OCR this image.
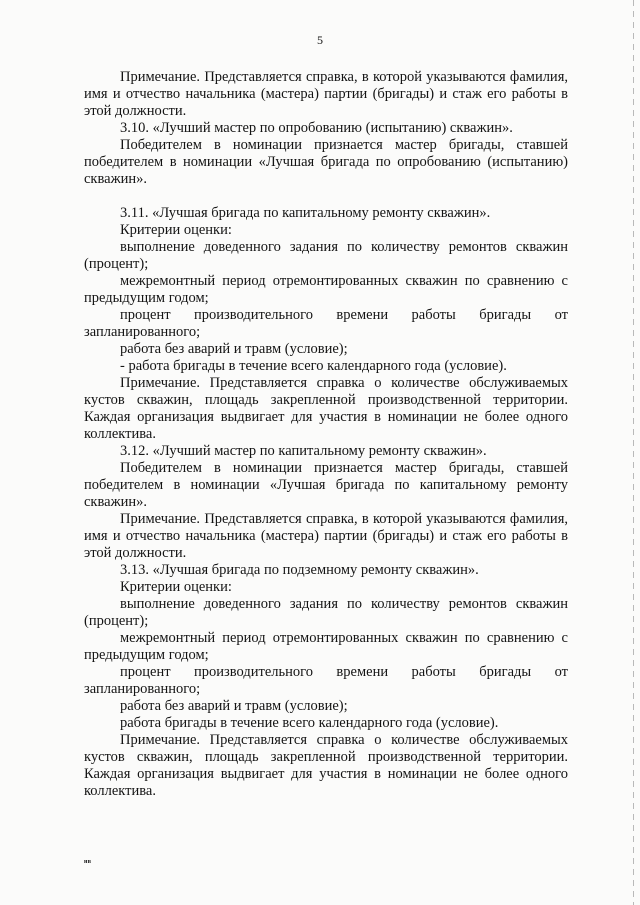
5

Примечание. Представляется справка, в которой указываются фамилия, имя и отчество начальника (мастера) партии (бригады) и стаж его работы в этой должности.

3.10. «Лучший мастер по опробованию (испытанию) скважин».

Победителем в номинации признается мастер бригады, ставшей победителем в номинации «Лучшая бригада по опробованию (испытанию) скважин».

3.11. «Лучшая бригада по капитальному ремонту скважин».

Критерии оценки:

выполнение доведенного задания по количеству ремонтов скважин (процент);

межремонтный период отремонтированных скважин по сравнению с предыдущим годом;

процент производительного времени работы бригады от запланированного;

работа без аварий и травм (условие);

- работа бригады в течение всего календарного года (условие).

Примечание. Представляется справка о количестве обслуживаемых кустов скважин, площадь закрепленной производственной территории. Каждая организация выдвигает для участия в номинации не более одного коллектива.

3.12. «Лучший мастер по капитальному ремонту скважин».

Победителем в номинации признается мастер бригады, ставшей победителем в номинации «Лучшая бригада по капитальному ремонту скважин».

Примечание. Представляется справка, в которой указываются фамилия, имя и отчество начальника (мастера) партии (бригады) и стаж его работы в этой должности.

3.13. «Лучшая бригада по подземному ремонту скважин».

Критерии оценки:

выполнение доведенного задания по количеству ремонтов скважин (процент);

межремонтный период отремонтированных скважин по сравнению с предыдущим годом;

процент производительного времени работы бригады от запланированного;

работа без аварий и травм (условие);

работа бригады в течение всего календарного года (условие).

Примечание. Представляется справка о количестве обслуживаемых кустов скважин, площадь закрепленной производственной территории. Каждая организация выдвигает для участия в номинации не более одного коллектива.

нв
